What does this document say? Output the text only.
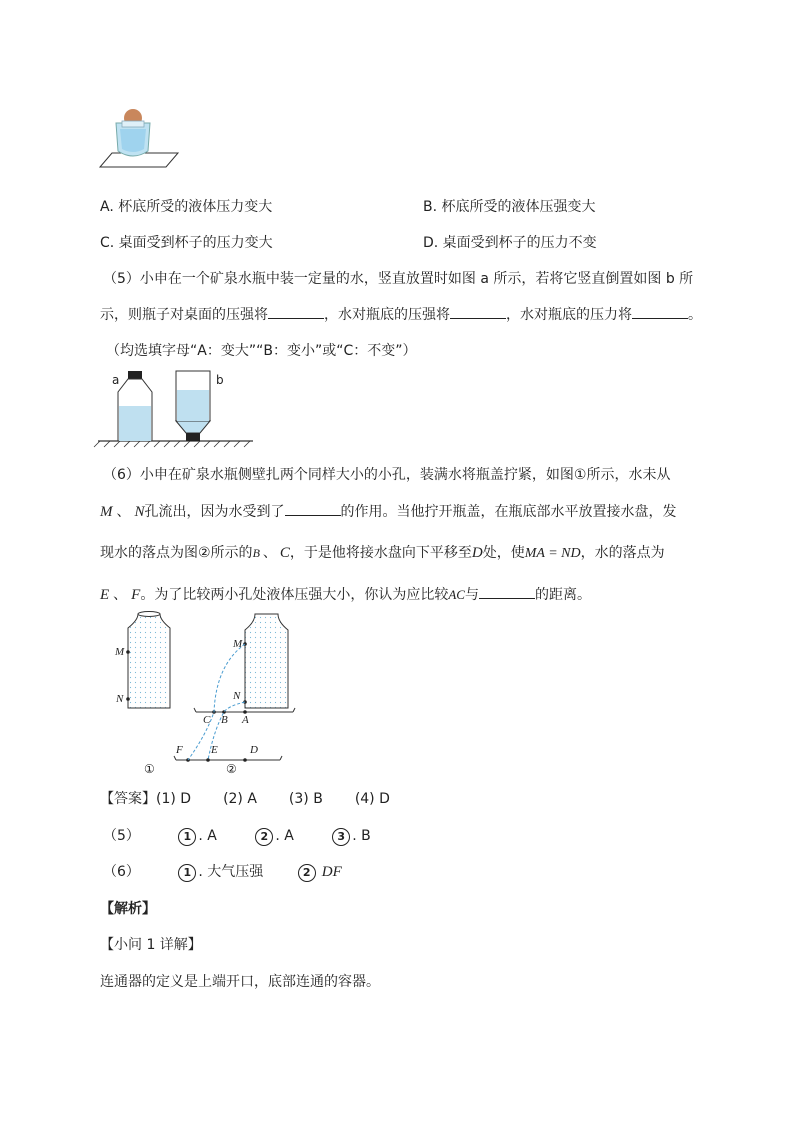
A. 杯底所受的液体压力变大	B. 杯底所受的液体压强变大
C. 桌面受到杯子的压力变大	D. 桌面受到杯子的压力不变
（5）小申在一个矿泉水瓶中装一定量的水，竖直放置时如图 a 所示，若将它竖直倒置如图 b 所
示，则瓶子对桌面的压强将	，水对瓶底的压强将	，水对瓶底的压力将	。
（均选填字母“A：变大”“B：变小”或“C：不变”）
a	b
（6）小申在矿泉水瓶侧壁扎两个同样大小的小孔，装满水将瓶盖拧紧，如图①所示，水未从
M 、 N孔流出，因为水受到了	的作用。当他拧开瓶盖，在瓶底部水平放置接水盘，发
现水的落点为图②所示的B 、 C，于是他将接水盘向下平移至D处，使MA = ND，水的落点为
E 、 F。为了比较两小孔处液体压强大小，你认为应比较AC与	的距离。
M
N
M
N
C B A
F	E	D
①	②
【答案】(1) D (2) A (3) B (4) D
（5）	1 . A	2 . A	3 . B
（6）	1 . 大气压强	2 DF
【解析】
【小问 1 详解】
连通器的定义是上端开口，底部连通的容器。
